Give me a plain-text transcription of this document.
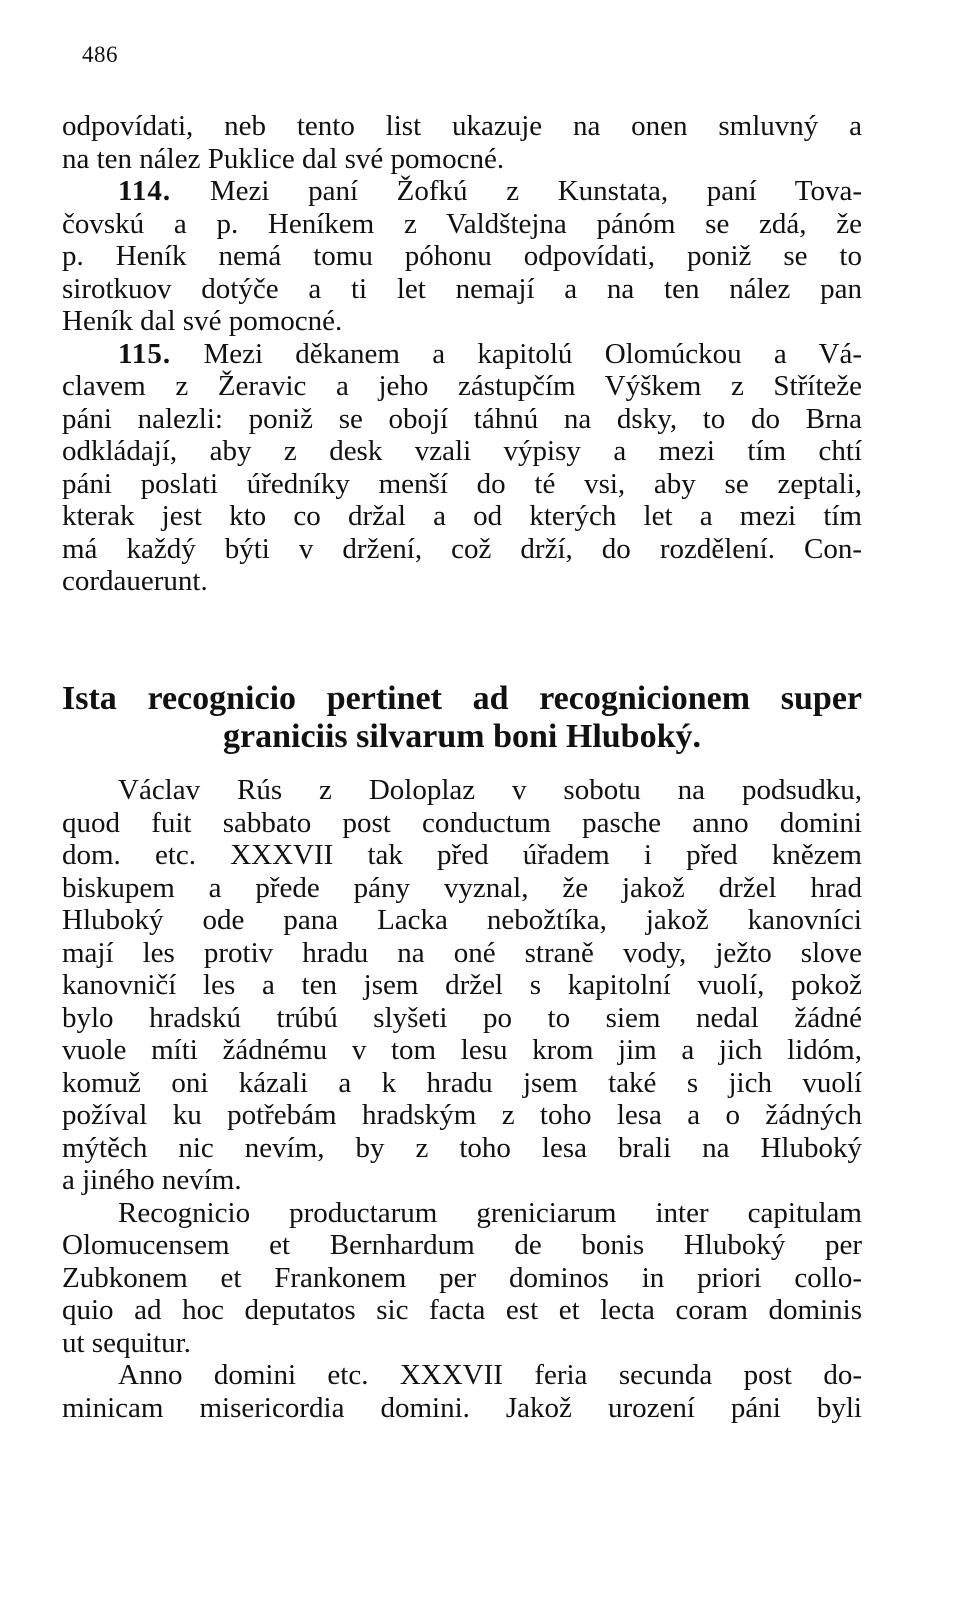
486
odpovídati, neb tento list ukazuje na onen smluvný a
na ten nález Puklice dal své pomocné.
114. Mezi paní Žofkú z Kunstata, paní Tova-
čovskú a p. Heníkem z Valdštejna pánóm se zdá, že
p. Heník nemá tomu póhonu odpovídati, poniž se to
sirotkuov dotýče a ti let nemají a na ten nález pan
Heník dal své pomocné.
115. Mezi děkanem a kapitolú Olomúckou a Vá-
clavem z Žeravic a jeho zástupčím Výškem z Stříteže
páni nalezli: poniž se obojí táhnú na dsky, to do Brna
odkládají, aby z desk vzali výpisy a mezi tím chtí
páni poslati úředníky menší do té vsi, aby se zeptali,
kterak jest kto co držal a od kterých let a mezi tím
má každý býti v držení, což drží, do rozdělení. Con-
cordauerunt.
Ista recognicio pertinet ad recognicionem super
graniciis silvarum boni Hluboký.
Václav Rús z Doloplaz v sobotu na podsudku,
quod fuit sabbato post conductum pasche anno domini
dom. etc. XXXVII tak před úřadem i před knězem
biskupem a přede pány vyznal, že jakož držel hrad
Hluboký ode pana Lacka nebožtíka, jakož kanovníci
mají les protiv hradu na oné straně vody, ježto slove
kanovničí les a ten jsem držel s kapitolní vuolí, pokož
bylo hradskú trúbú slyšeti po to siem nedal žádné
vuole míti žádnému v tom lesu krom jim a jich lidóm,
komuž oni kázali a k hradu jsem také s jich vuolí
požíval ku potřebám hradským z toho lesa a o žádných
mýtěch nic nevím, by z toho lesa brali na Hluboký
a jiného nevím.
Recognicio productarum greniciarum inter capitulam
Olomucensem et Bernhardum de bonis Hluboký per
Zubkonem et Frankonem per dominos in priori collo-
quio ad hoc deputatos sic facta est et lecta coram dominis
ut sequitur.
Anno domini etc. XXXVII feria secunda post do-
minicam misericordia domini. Jakož urození páni byli
